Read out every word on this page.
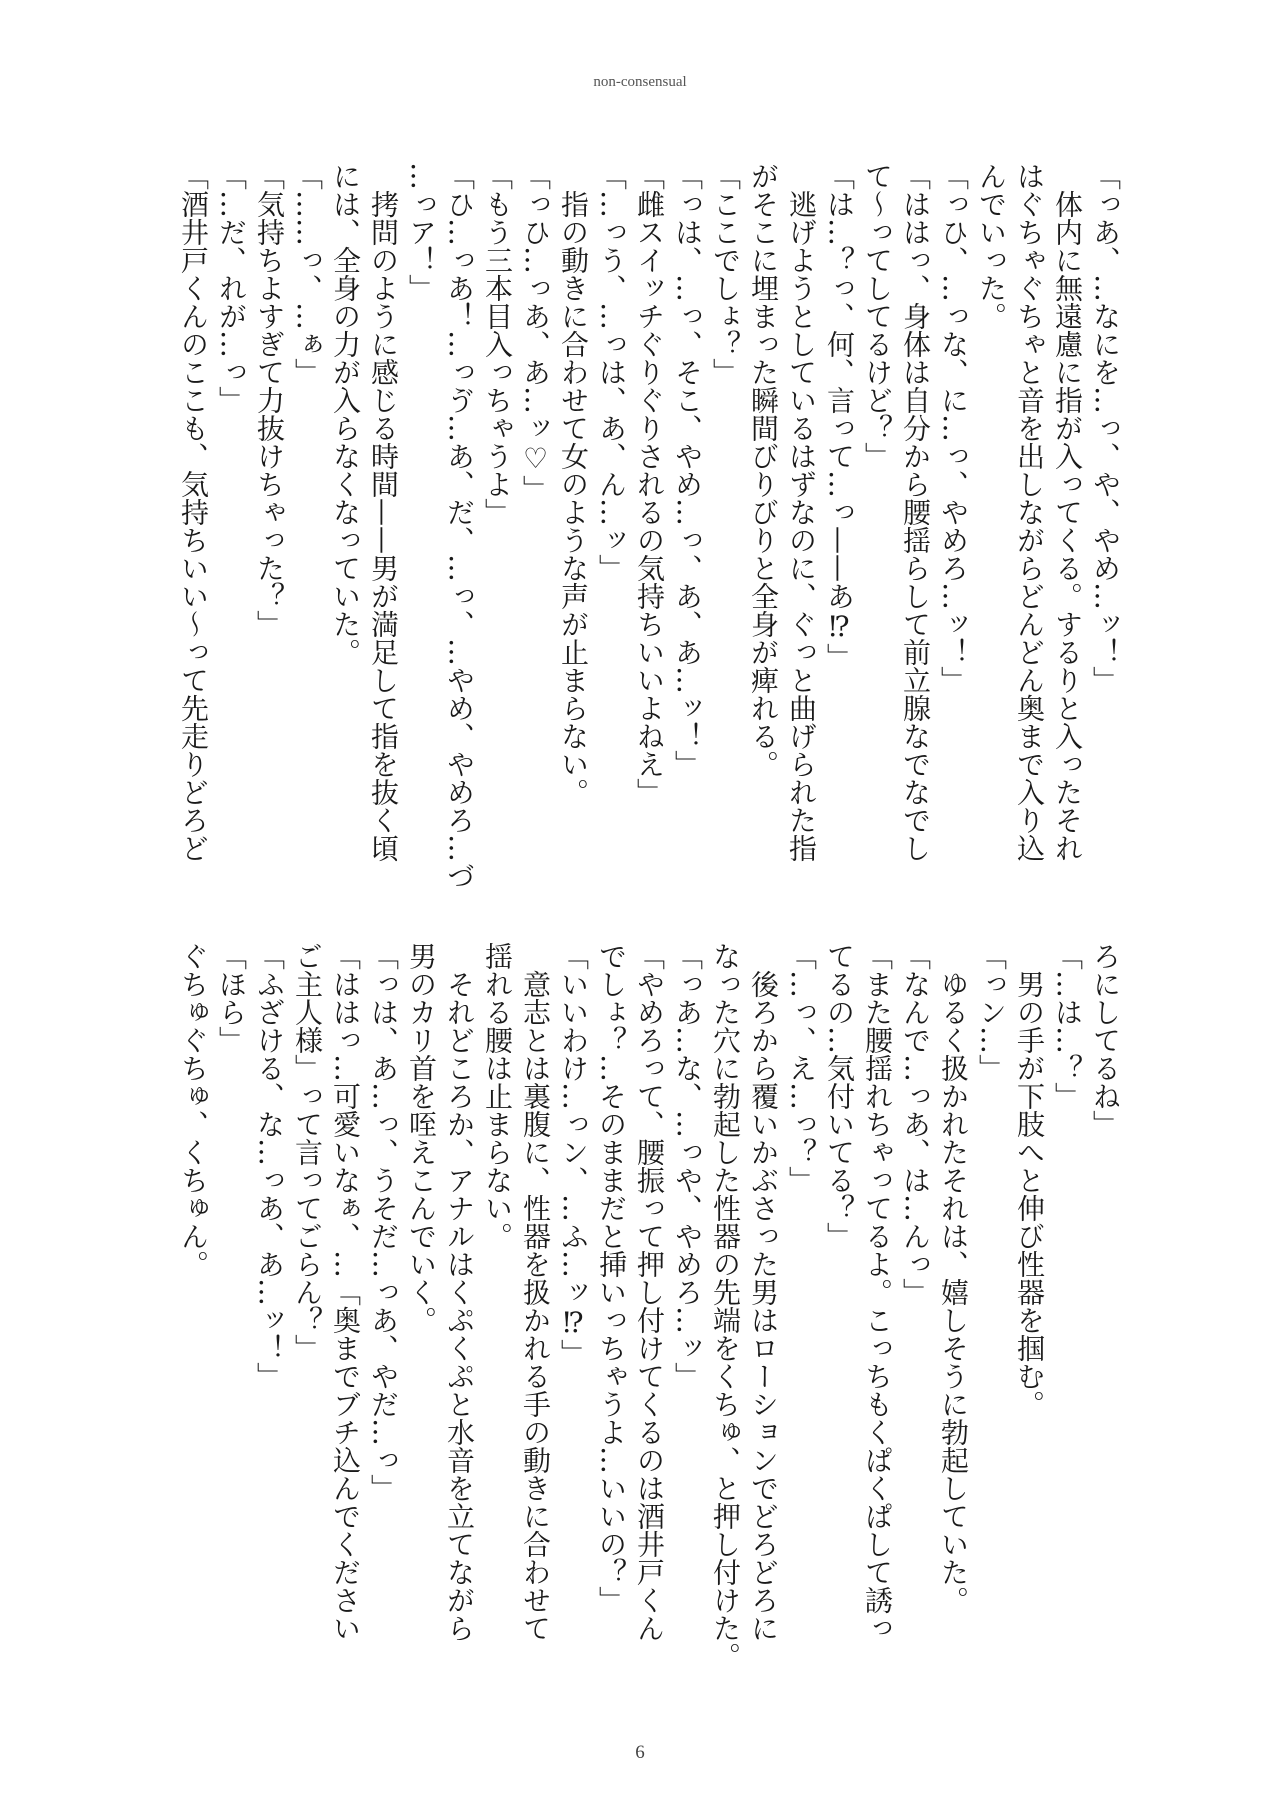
non-consensual
「っあ、…なにを…っ、や、やめ…ッ！」
　体内に無遠慮に指が入ってくる。するりと入ったそれ
はぐちゃぐちゃと音を出しながらどんどん奥まで入り込
んでいった。
「っひ、…っな、に…っ、やめろ…ッ！」
「ははっ、身体は自分から腰揺らして前立腺なでなでし
て〜ってしてるけど？」
「は…？っ、何、言って…っ——あ⁉」
　逃げようとしているはずなのに、ぐっと曲げられた指
がそこに埋まった瞬間びりびりと全身が痺れる。
「ここでしょ？」
「っは、…っ、そこ、やめ…っ、あ、あ…ッ！」
「雌スイッチぐりぐりされるの気持ちいいよねえ」
「…っう、…っは、あ、ん…ッ」
　指の動きに合わせて女のような声が止まらない。
「っひ…っあ、あ…ッ♡」
「もう三本目入っちゃうよ」
「ひ…っあ！…っゔ…あ、だ、…っ、…やめ、やめろ…づ
…っア！」
　拷問のように感じる時間——男が満足して指を抜く頃
には、全身の力が入らなくなっていた。
「……っ、…ぁ」
「気持ちよすぎて力抜けちゃった？」
「…だ、れが…っ」
「酒井戸くんのここも、気持ちいい〜って先走りどろど
ろにしてるね」
「…は…？」
　男の手が下肢へと伸び性器を掴む。
「っン…」
　ゆるく扱かれたそれは、嬉しそうに勃起していた。
「なんで…っあ、は…んっ」
「また腰揺れちゃってるよ。こっちもくぱくぱして誘っ
てるの…気付いてる？」
「…っ、え…っ？」
　後ろから覆いかぶさった男はローションでどろどろに
なった穴に勃起した性器の先端をくちゅ、と押し付けた。
「っあ…な、…っや、やめろ…ッ」
「やめろって、腰振って押し付けてくるのは酒井戸くん
でしょ？…そのままだと挿いっちゃうよ…いいの？」
「いいわけ…っン、…ふ…ッ⁉」
　意志とは裏腹に、性器を扱かれる手の動きに合わせて
揺れる腰は止まらない。
　それどころか、アナルはくぷくぷと水音を立てながら
男のカリ首を咥えこんでいく。
「っは、あ…っ、うそだ…っあ、やだ…っ」
「ははっ…可愛いなぁ、…「奥までブチ込んでください
ご主人様」って言ってごらん？」
「ふざける、な…っあ、あ…ッ！」
「ほら」
ぐちゅぐちゅ、くちゅん。
6
